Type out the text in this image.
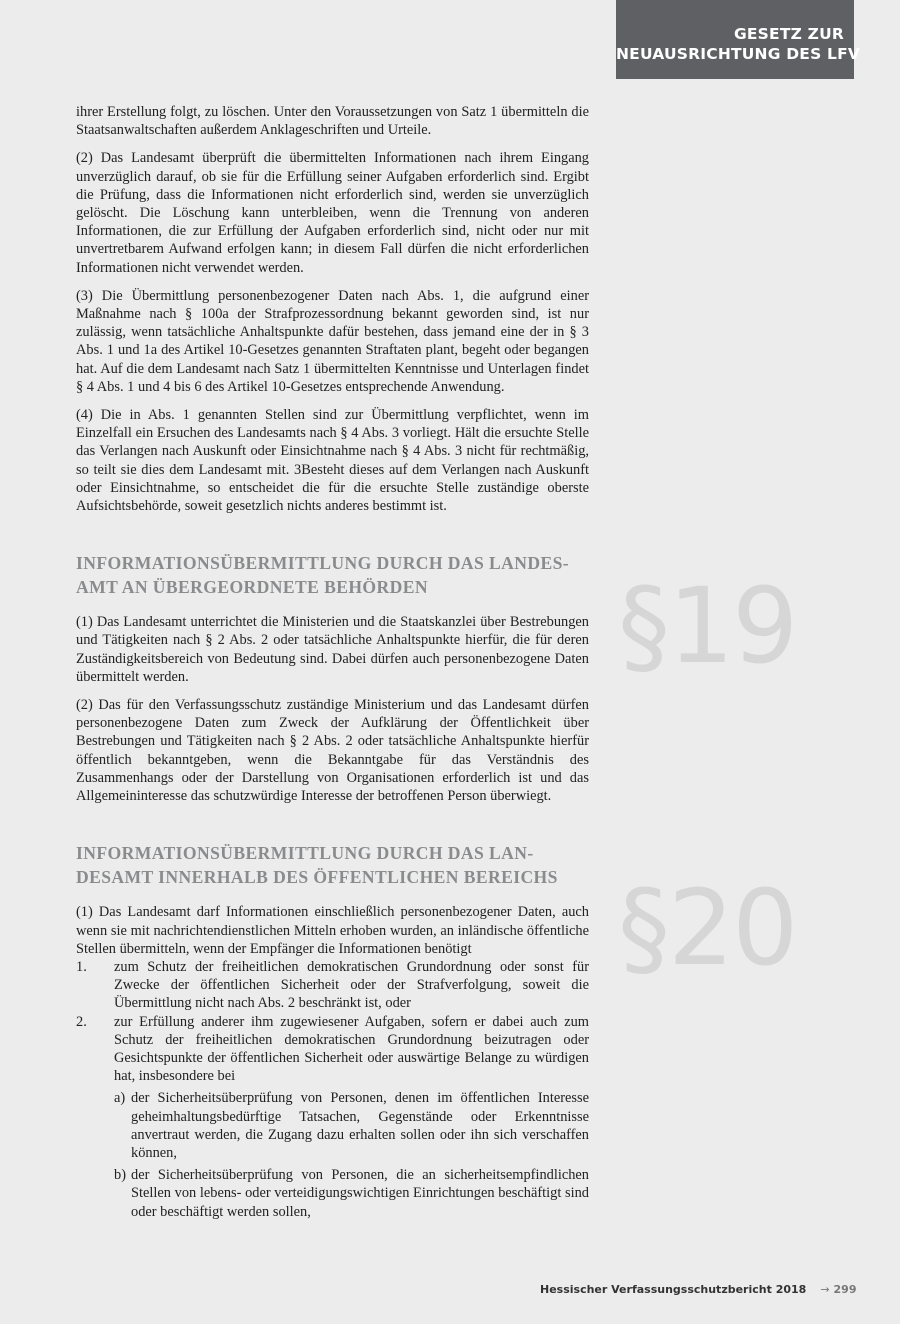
GESETZ ZUR
NEUAUSRICHTUNG DES LFV
§19
§20

ihrer Erstellung folgt, zu löschen. Unter den Voraussetzungen von Satz 1 übermitteln die Staatsanwaltschaften außerdem Anklageschriften und Urteile.

(2) Das Landesamt überprüft die übermittelten Informationen nach ihrem Eingang unverzüglich darauf, ob sie für die Erfüllung seiner Aufgaben erforderlich sind. Ergibt die Prüfung, dass die Informationen nicht erforderlich sind, werden sie unverzüglich gelöscht. Die Löschung kann unterbleiben, wenn die Trennung von anderen Informationen, die zur Erfüllung der Aufgaben erforderlich sind, nicht oder nur mit unvertretbarem Aufwand erfolgen kann; in diesem Fall dürfen die nicht erforderlichen Informationen nicht verwendet werden.

(3) Die Übermittlung personenbezogener Daten nach Abs. 1, die aufgrund einer Maßnahme nach § 100a der Strafprozessordnung bekannt geworden sind, ist nur zulässig, wenn tatsächliche Anhaltspunkte dafür bestehen, dass jemand eine der in § 3 Abs. 1 und 1a des Artikel 10-Gesetzes genannten Straftaten plant, begeht oder begangen hat. Auf die dem Landesamt nach Satz 1 übermittelten Kenntnisse und Unterlagen findet § 4 Abs. 1 und 4 bis 6 des Artikel 10-Gesetzes entsprechende Anwendung.

(4) Die in Abs. 1 genannten Stellen sind zur Übermittlung verpflichtet, wenn im Einzelfall ein Ersuchen des Landesamts nach § 4 Abs. 3 vorliegt. Hält die ersuchte Stelle das Verlangen nach Auskunft oder Einsichtnahme nach § 4 Abs. 3 nicht für rechtmäßig, so teilt sie dies dem Landesamt mit. 3Besteht dieses auf dem Verlangen nach Auskunft oder Einsichtnahme, so entscheidet die für die ersuchte Stelle zuständige oberste Aufsichtsbehörde, soweit gesetzlich nichts anderes bestimmt ist.

INFORMATIONSÜBERMITTLUNG DURCH DAS LANDESAMT AN ÜBERGEORDNETE BEHÖRDEN

(1) Das Landesamt unterrichtet die Ministerien und die Staatskanzlei über Bestrebungen und Tätigkeiten nach § 2 Abs. 2 oder tatsächliche Anhaltspunkte hierfür, die für deren Zuständigkeitsbereich von Bedeutung sind. Dabei dürfen auch personenbezogene Daten übermittelt werden.

(2) Das für den Verfassungsschutz zuständige Ministerium und das Landesamt dürfen personenbezogene Daten zum Zweck der Aufklärung der Öffentlichkeit über Bestrebungen und Tätigkeiten nach § 2 Abs. 2 oder tatsächliche Anhaltspunkte hierfür öffentlich bekanntgeben, wenn die Bekanntgabe für das Verständnis des Zusammenhangs oder der Darstellung von Organisationen erforderlich ist und das Allgemeininteresse das schutzwürdige Interesse der betroffenen Person überwiegt.

INFORMATIONSÜBERMITTLUNG DURCH DAS LANDESAMT INNERHALB DES ÖFFENTLICHEN BEREICHS

(1) Das Landesamt darf Informationen einschließlich personenbezogener Daten, auch wenn sie mit nachrichtendienstlichen Mitteln erhoben wurden, an inländische öffentliche Stellen übermitteln, wenn der Empfänger die Informationen benötigt

1. zum Schutz der freiheitlichen demokratischen Grundordnung oder sonst für Zwecke der öffentlichen Sicherheit oder der Strafverfolgung, soweit die Übermittlung nicht nach Abs. 2 beschränkt ist, oder
2. zur Erfüllung anderer ihm zugewiesener Aufgaben, sofern er dabei auch zum Schutz der freiheitlichen demokratischen Grundordnung beizutragen oder Gesichtspunkte der öffentlichen Sicherheit oder auswärtige Belange zu würdigen hat, insbesondere bei
a) der Sicherheitsüberprüfung von Personen, denen im öffentlichen Interesse geheimhaltungsbedürftige Tatsachen, Gegenstände oder Erkenntnisse anvertraut werden, die Zugang dazu erhalten sollen oder ihn sich verschaffen können,
b) der Sicherheitsüberprüfung von Personen, die an sicherheitsempfindlichen Stellen von lebens- oder verteidigungswichtigen Einrichtungen beschäftigt sind oder beschäftigt werden sollen,
Hessischer Verfassungsschutzbericht 2018 → 299
